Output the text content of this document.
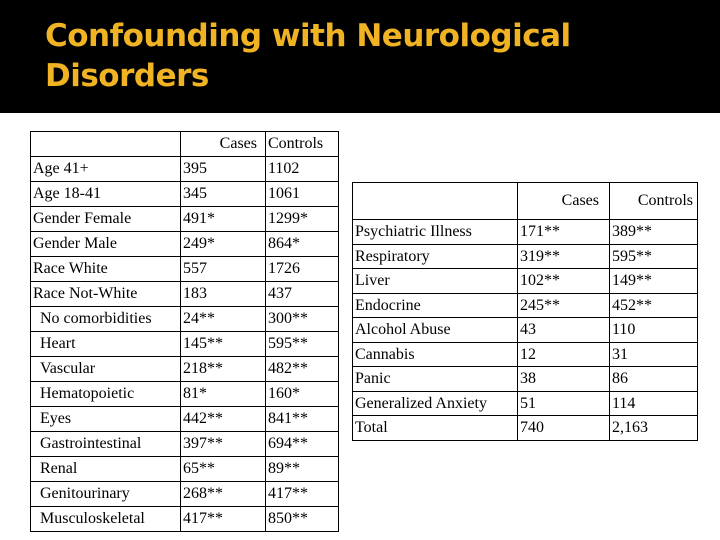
Confounding with Neurological Disorders
	Cases	Controls
Age 41+	395	1102
Age 18-41	345	1061
Gender Female	491*	1299*
Gender Male	249*	864*
Race White	557	1726
Race Not-White	183	437
No comorbidities	24**	300**
Heart	145**	595**
Vascular	218**	482**
Hematopoietic	81*	160*
Eyes	442**	841**
Gastrointestinal	397**	694**
Renal	65**	89**
Genitourinary	268**	417**
Musculoskeletal	417**	850**
	Cases	Controls
Psychiatric Illness	171**	389**
Respiratory	319**	595**
Liver	102**	149**
Endocrine	245**	452**
Alcohol Abuse	43	110
Cannabis	12	31
Panic	38	86
Generalized Anxiety	51	114
Total	740	2,163
